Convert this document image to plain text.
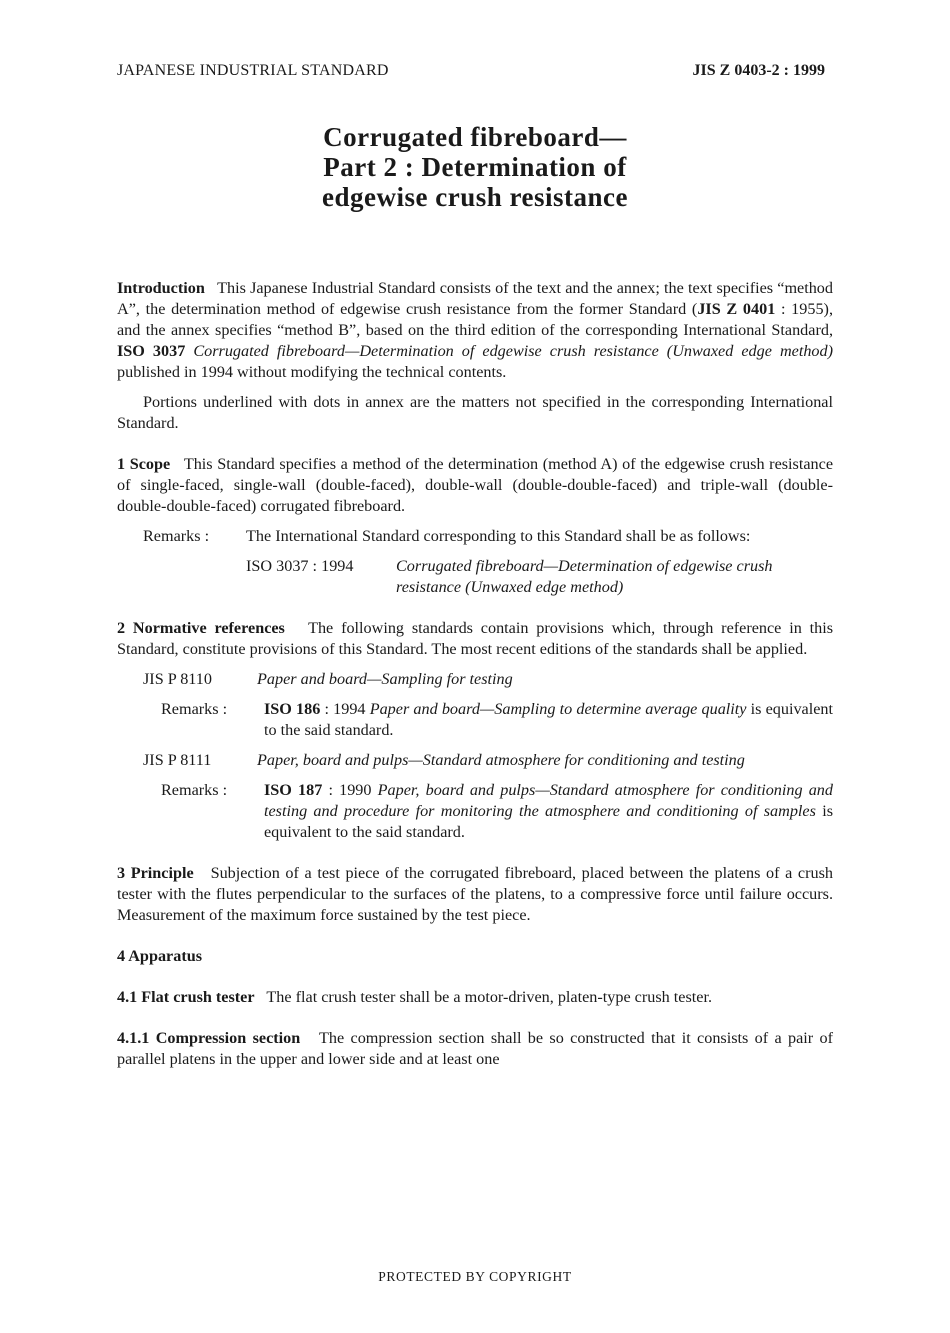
JAPANESE INDUSTRIAL STANDARD	JIS Z 0403-2 : 1999
Corrugated fibreboard—
Part 2 : Determination of
edgewise crush resistance

Introduction This Japanese Industrial Standard consists of the text and the annex; the text specifies “method A”, the determination method of edgewise crush resistance from the former Standard (JIS Z 0401 : 1955), and the annex specifies “method B”, based on the third edition of the corresponding International Standard, ISO 3037 Corrugated fibreboard—Determination of edgewise crush resistance (Unwaxed edge method) published in 1994 without modifying the technical contents.

Portions underlined with dots in annex are the matters not specified in the corresponding International Standard.

1 Scope This Standard specifies a method of the determination (method A) of the edgewise crush resistance of single-faced, single-wall (double-faced), double-wall (double-double-faced) and triple-wall (double-double-double-faced) corrugated fibreboard.

Remarks :	The International Standard corresponding to this Standard shall be as follows:
ISO 3037 : 1994	Corrugated fibreboard—Determination of edgewise crush resistance (Unwaxed edge method)

2 Normative references The following standards contain provisions which, through reference in this Standard, constitute provisions of this Standard. The most recent editions of the standards shall be applied.

JIS P 8110	Paper and board—Sampling for testing
Remarks :	ISO 186 : 1994 Paper and board—Sampling to determine average quality is equivalent to the said standard.
JIS P 8111	Paper, board and pulps—Standard atmosphere for conditioning and testing
Remarks :	ISO 187 : 1990 Paper, board and pulps—Standard atmosphere for conditioning and testing and procedure for monitoring the atmosphere and conditioning of samples is equivalent to the said standard.

3 Principle Subjection of a test piece of the corrugated fibreboard, placed between the platens of a crush tester with the flutes perpendicular to the surfaces of the platens, to a compressive force until failure occurs. Measurement of the maximum force sustained by the test piece.

4 Apparatus

4.1 Flat crush tester The flat crush tester shall be a motor-driven, platen-type crush tester.

4.1.1 Compression section The compression section shall be so constructed that it consists of a pair of parallel platens in the upper and lower side and at least one

PROTECTED BY COPYRIGHT
